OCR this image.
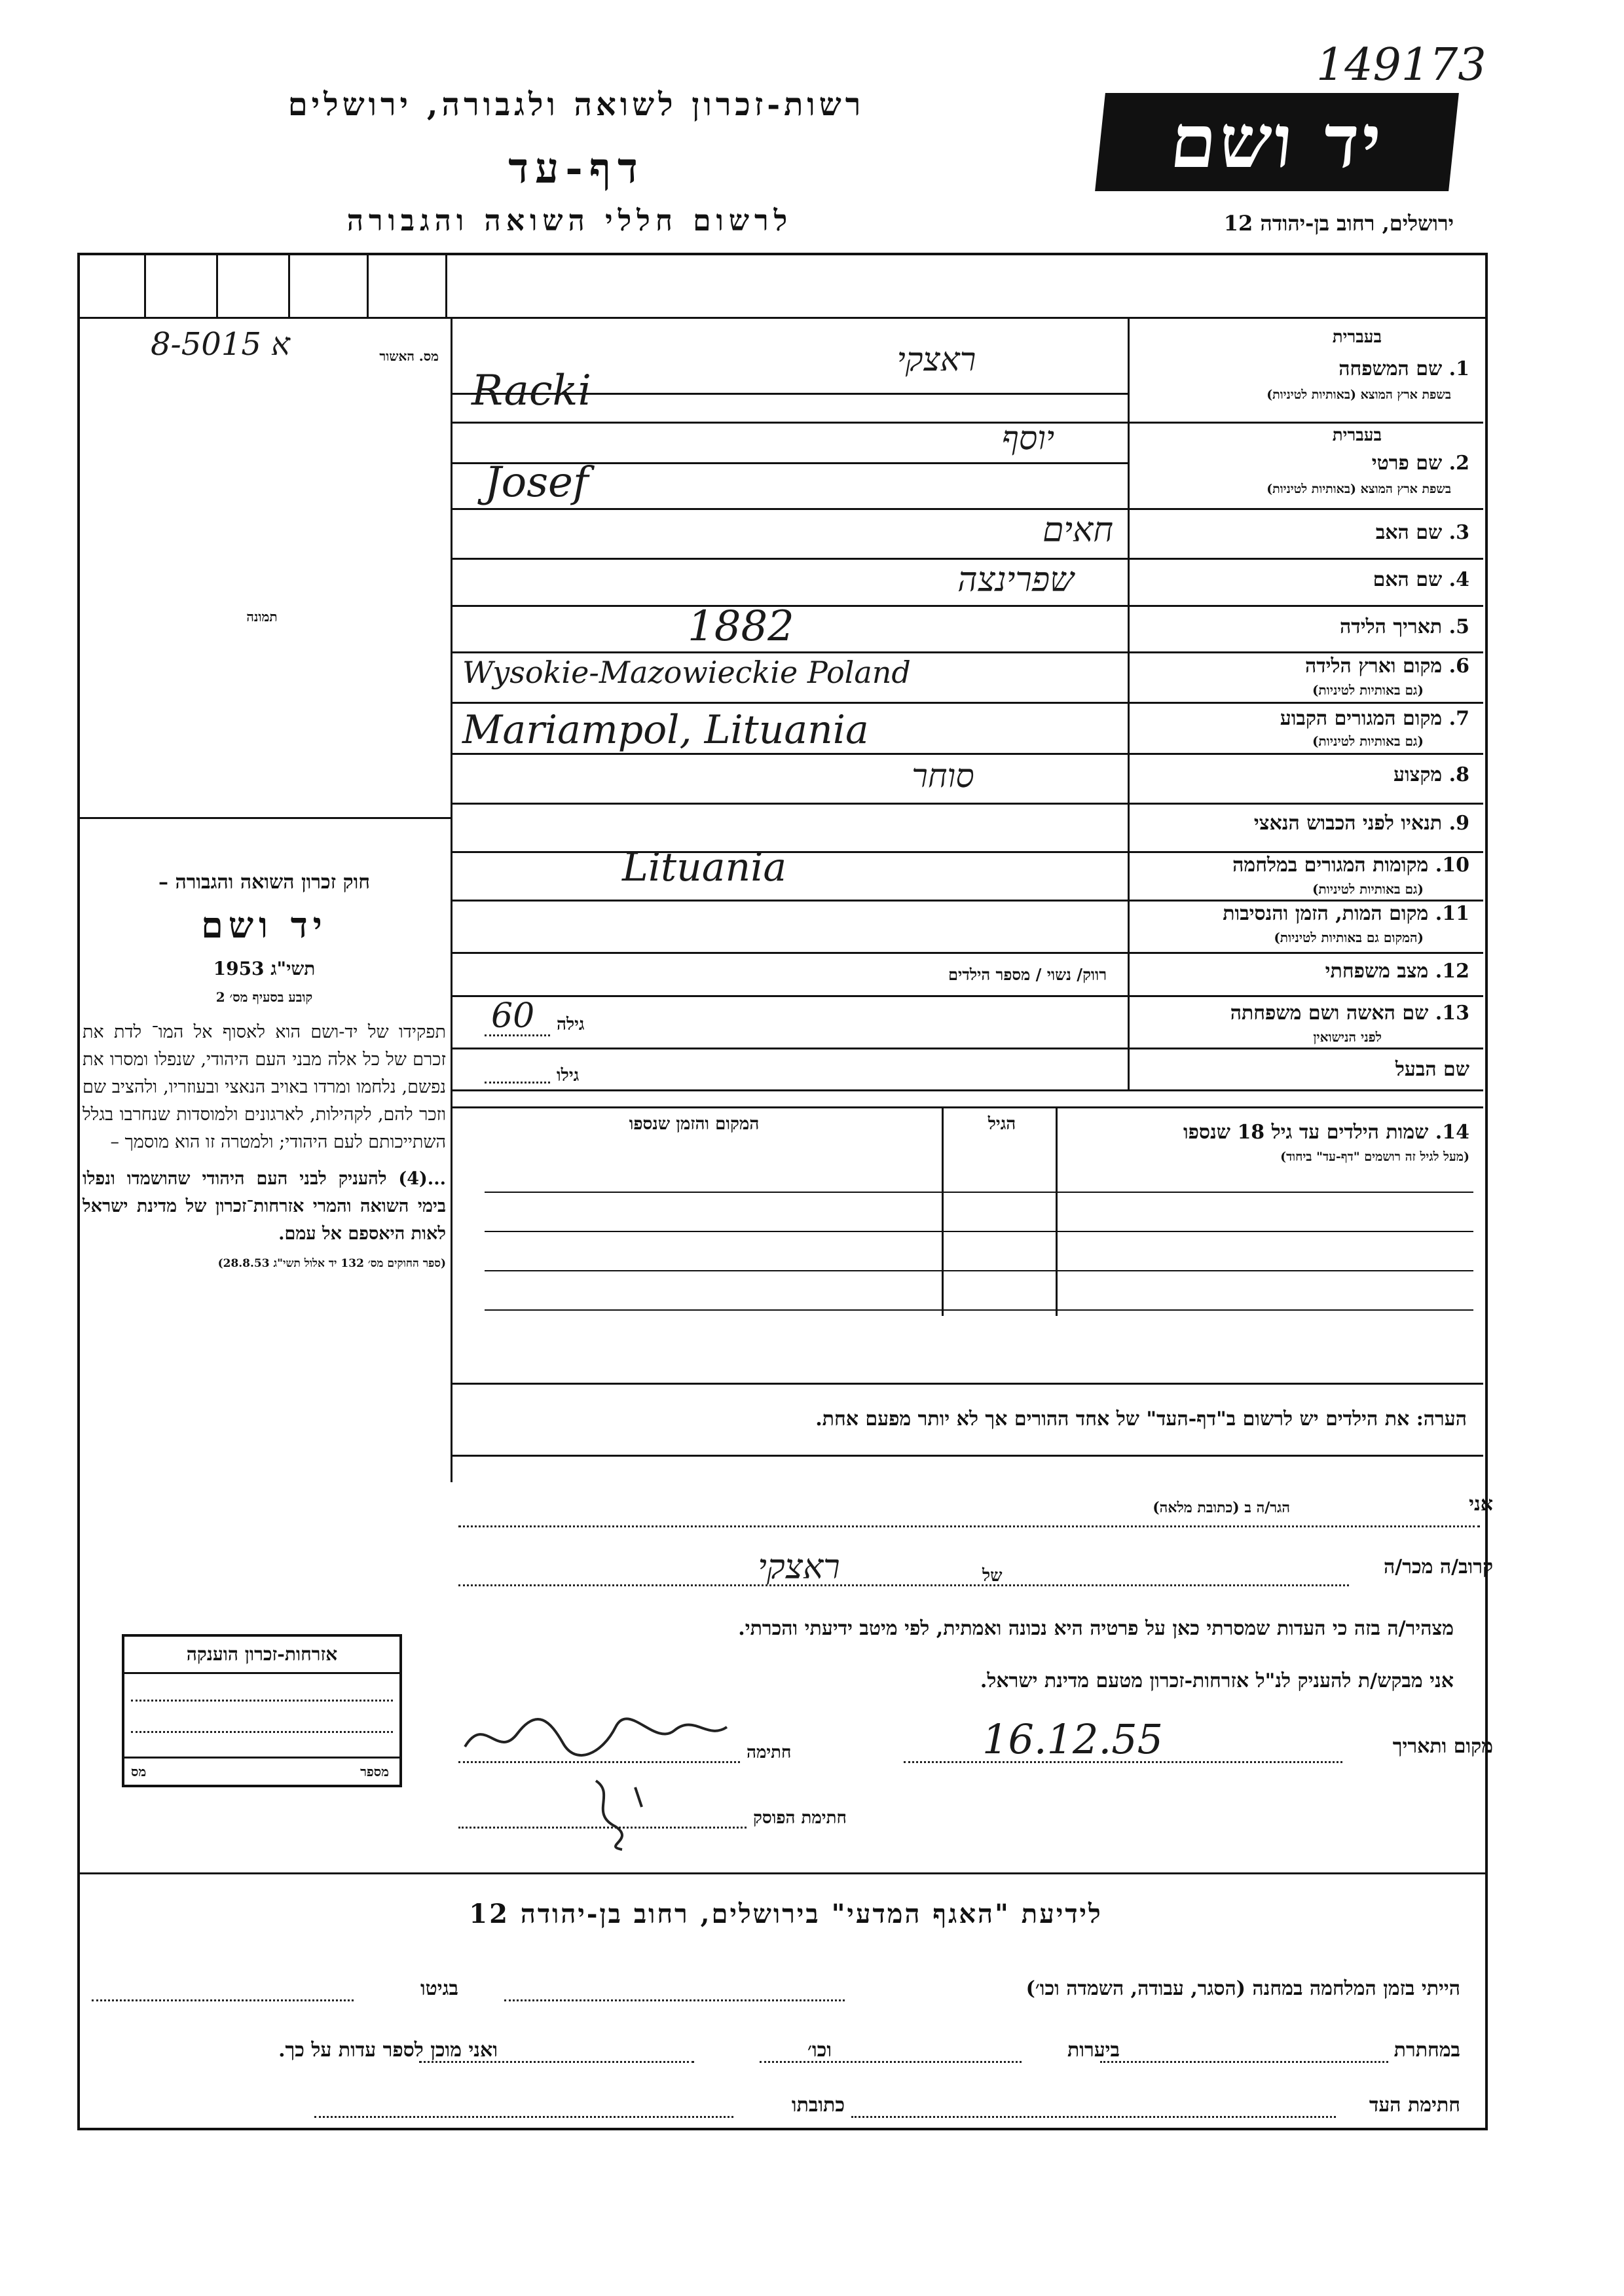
149173
רשות-זכרון לשואה ולגבורה, ירושלים
דף-עד
לרשום חללי השואה והגבורה
יד ושם
ירושלים, רחוב בן-יהודה 12
מס. האשור
8-א 5015
תמונה
חוק זכרון השואה והגבורה –
יד ושם
תשי"ג 1953
קובע בסעיף מס׳ 2
תפקידו של יד-ושם הוא לאסוף אל המו־ לדת את זכרם של כל אלה מבני העם היהודי, שנפלו ומסרו את נפשם, נלחמו ומרדו באויב הנאצי ובעוזריו, ולהציב שם וזכר להם, לקהילות, לארגונים ולמוסדות שנחרבו בגלל השתייכותם לעם היהודי; ולמטרה זו הוא מוסמך –
...(4) להעניק לבני העם היהודי שהושמדו ונפלו בימי השואה והמרי אזרחות־זכרון של מדינת ישראל לאות היאספם אל עמם.
(ספר החוקים מס׳ 132 יד אלול תשי"ג 28.8.53)
בעברית
1. שם המשפחה
בשפת ארץ המוצא (באותיות לטיניות)
ראצקי
Racki
בעברית
2. שם פרטי
בשפת ארץ המוצא (באותיות לטיניות)
יוסף
Josef
3. שם האב
חאים
4. שם האם
שפרינצה
5. תאריך הלידה
1882
6. מקום וארץ הלידה
(גם באותיות לטיניות)
Wysokie-Mazowieckie Poland
7. מקום המגורים הקבוע
(גם באותיות לטיניות)
Mariampol, Lituania
8. מקצוע
סוחר
9. תנאיו לפני הכבוש הנאצי
10. מקומות המגורים במלחמה
(גם באותיות לטיניות)
Lituania
11. מקום המות, הזמן והנסיבות
(המקום גם באותיות לטיניות)
12. מצב משפחתי
רווק/ נשוי / מספר הילדים
13. שם האשה ושם משפחתה
לפני הנישואין
גילה
60
שם הבעל
גילו
14. שמות הילדים עד גיל 18 שנספו
(מעל לגיל זה רושמים "דף-עד" ביחוד)
הגיל
המקום והזמן שנספו
הערה: את הילדים יש לרשום ב"דף-העד" של אחד ההורים אך לא יותר מפעם אחת.
אני
הגר/ה ב (כתובת מלאה)
קרוב/ה מכר/ה
של
ראצקי
מצהיר/ה בזה כי העדות שמסרתי כאן על פרטיה היא נכונה ואמתית, לפי מיטב ידיעתי והכרתי.
אני מבקש/ת להעניק לנ"ל אזרחות-זכרון מטעם מדינת ישראל.
מקום ותאריך
16.12.55
חתימה
חתימת הפוסק
אזרחות-זכרון הוענקה
מספר
מס
לידיעת "האגף המדעי" בירושלים, רחוב בן-יהודה 12
הייתי בזמן המלחמה במחנה (הסגר, עבודה, השמדה וכו׳)
בגיטו
במחתרת
ביערות
וכו׳
ואני מוכן לספר עדות על כך.
חתימת העד
כתובתו
